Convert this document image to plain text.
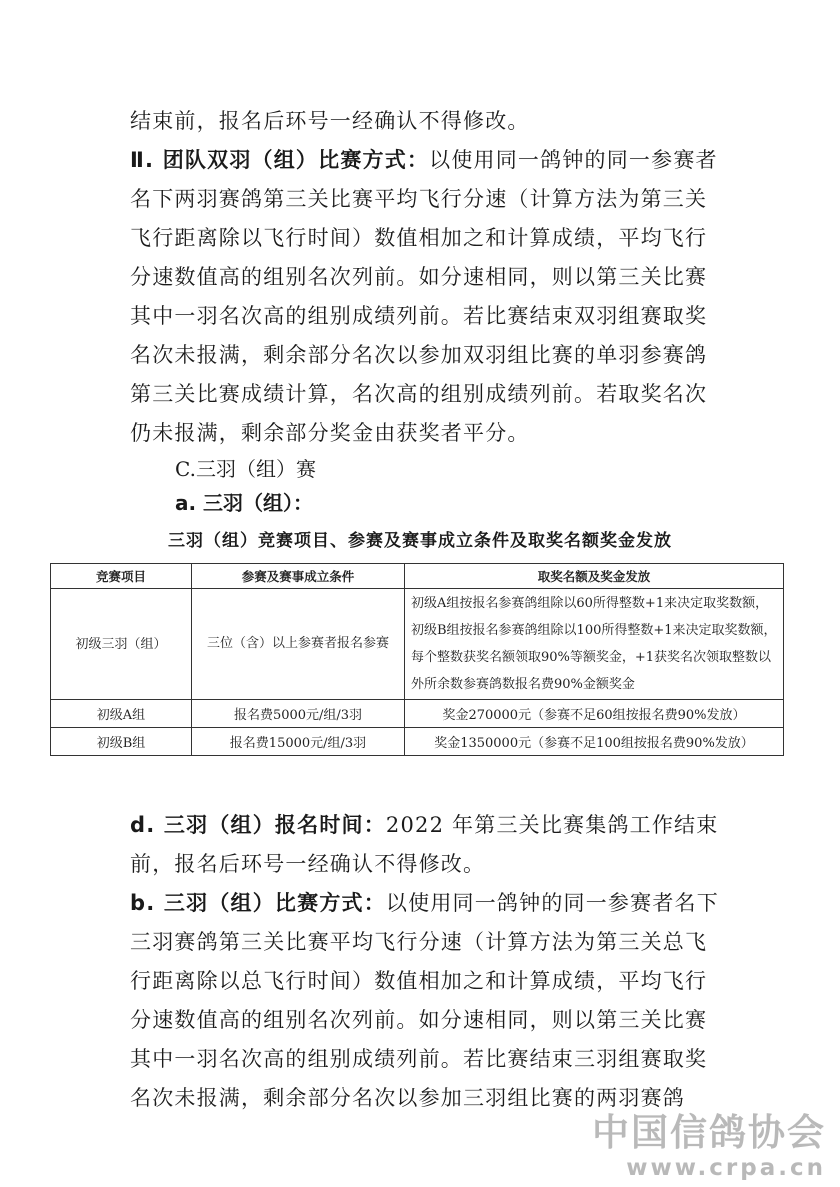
结束前，报名后环号一经确认不得修改。
Ⅱ. 团队双羽（组）比赛方式：以使用同一鸽钟的同一参赛者名下两羽赛鸽第三关比赛平均飞行分速（计算方法为第三关飞行距离除以飞行时间）数值相加之和计算成绩，平均飞行分速数值高的组别名次列前。如分速相同，则以第三关比赛其中一羽名次高的组别成绩列前。若比赛结束双羽组赛取奖名次未报满，剩余部分名次以参加双羽组比赛的单羽参赛鸽第三关比赛成绩计算，名次高的组别成绩列前。若取奖名次仍未报满，剩余部分奖金由获奖者平分。
C.三羽（组）赛
a. 三羽（组）：
三羽（组）竞赛项目、参赛及赛事成立条件及取奖名额奖金发放
竞赛项目	参赛及赛事成立条件	取奖名额及奖金发放
初级三羽（组）	三位（含）以上参赛者报名参赛	初级A组按报名参赛鸽组除以60所得整数+1来决定取奖数额，初级B组按报名参赛鸽组除以100所得整数+1来决定取奖数额，每个整数获奖名额领取90%等额奖金，+1获奖名次领取整数以外所余数参赛鸽数报名费90%金额奖金
初级A组	报名费5000元/组/3羽	奖金270000元（参赛不足60组按报名费90%发放）
初级B组	报名费15000元/组/3羽	奖金1350000元（参赛不足100组按报名费90%发放）
d. 三羽（组）报名时间：2022 年第三关比赛集鸽工作结束前，报名后环号一经确认不得修改。
b. 三羽（组）比赛方式：以使用同一鸽钟的同一参赛者名下三羽赛鸽第三关比赛平均飞行分速（计算方法为第三关总飞行距离除以总飞行时间）数值相加之和计算成绩，平均飞行分速数值高的组别名次列前。如分速相同，则以第三关比赛其中一羽名次高的组别成绩列前。若比赛结束三羽组赛取奖名次未报满，剩余部分名次以参加三羽组比赛的两羽赛鸽
中国信鸽协会
www.crpa.cn
